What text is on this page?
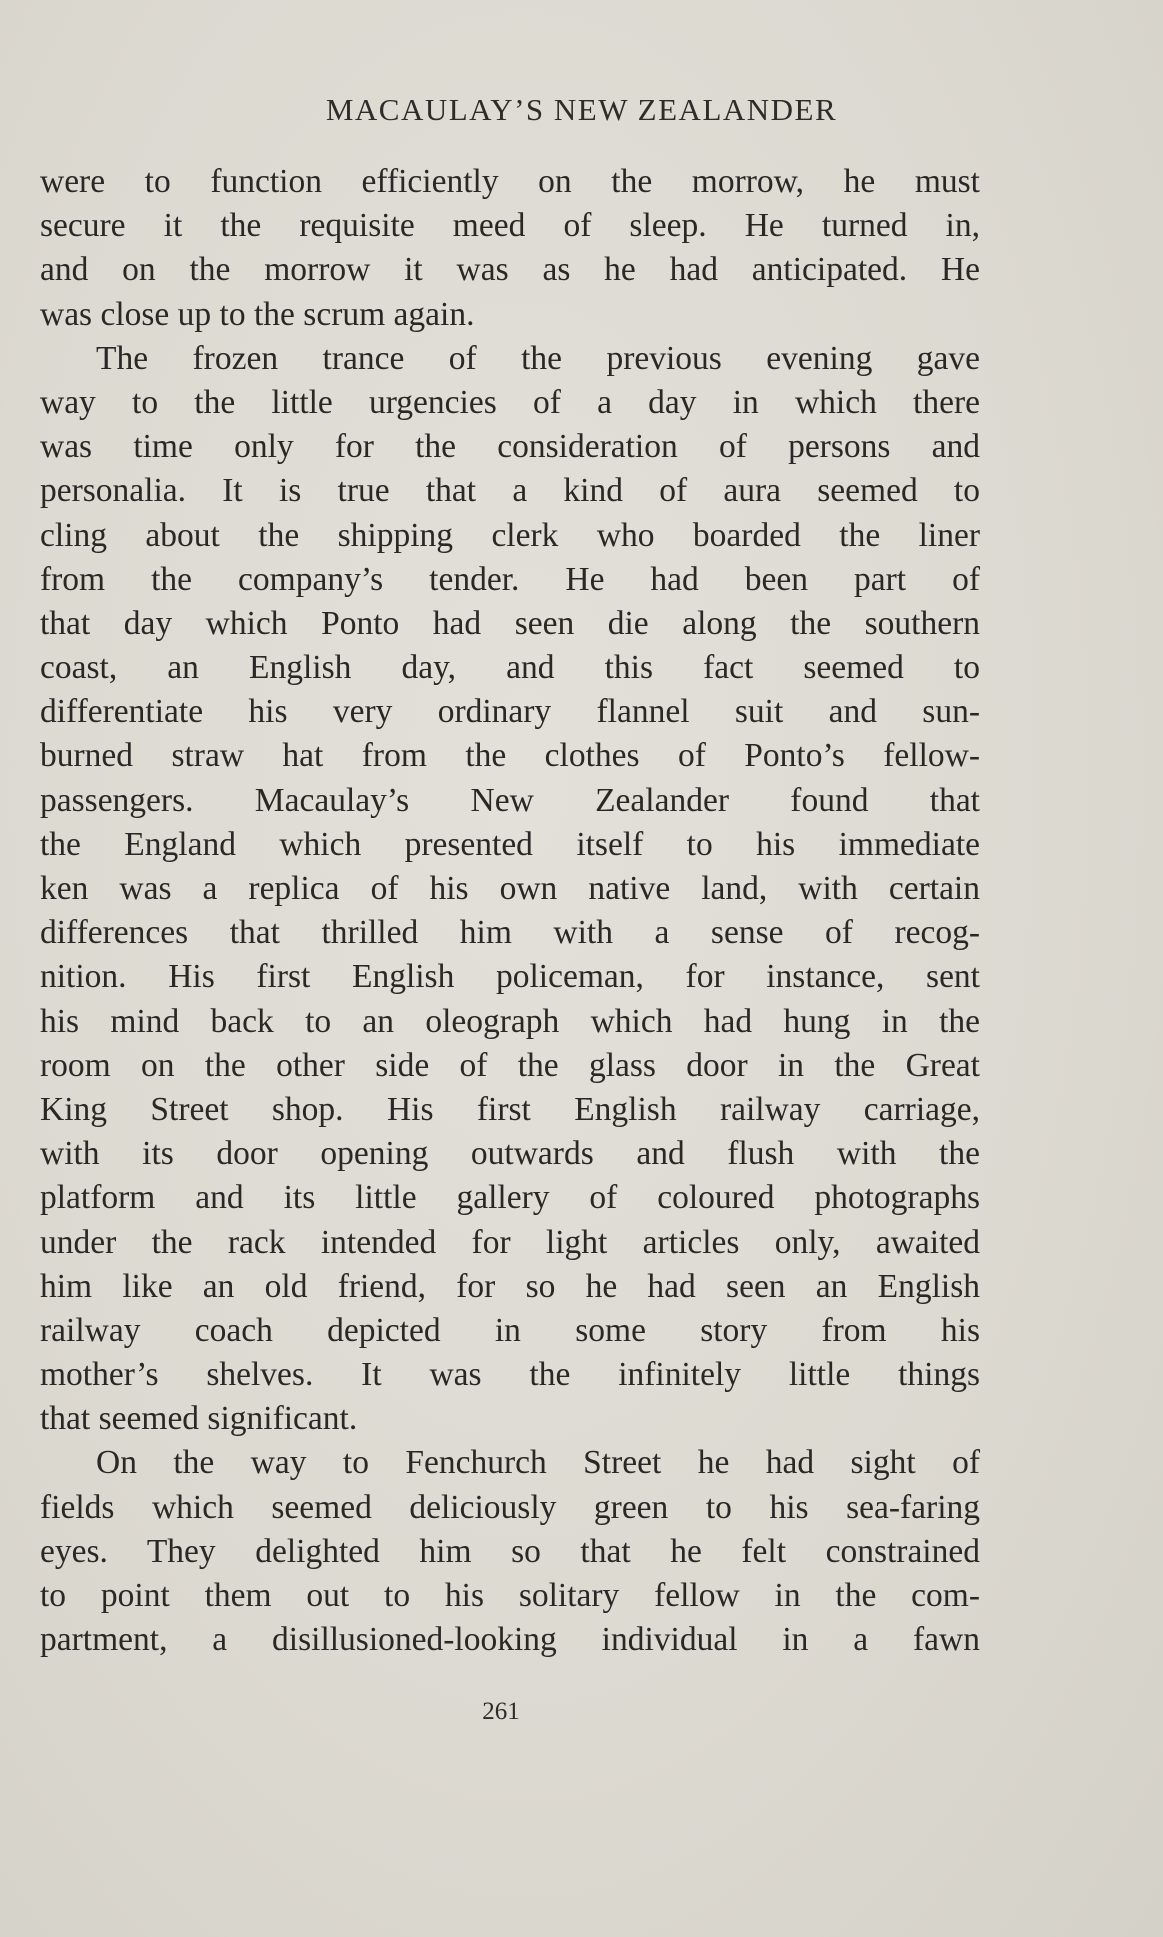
MACAULAY’S NEW ZEALANDER
were to function efficiently on the morrow, he must
secure it the requisite meed of sleep. He turned in,
and on the morrow it was as he had anticipated. He
was close up to the scrum again.
The frozen trance of the previous evening gave
way to the little urgencies of a day in which there
was time only for the consideration of persons and
personalia. It is true that a kind of aura seemed to
cling about the shipping clerk who boarded the liner
from the company’s tender. He had been part of
that day which Ponto had seen die along the southern
coast, an English day, and this fact seemed to
differentiate his very ordinary flannel suit and sun-
burned straw hat from the clothes of Ponto’s fellow-
passengers. Macaulay’s New Zealander found that
the England which presented itself to his immediate
ken was a replica of his own native land, with certain
differences that thrilled him with a sense of recog-
nition. His first English policeman, for instance, sent
his mind back to an oleograph which had hung in the
room on the other side of the glass door in the Great
King Street shop. His first English railway carriage,
with its door opening outwards and flush with the
platform and its little gallery of coloured photographs
under the rack intended for light articles only, awaited
him like an old friend, for so he had seen an English
railway coach depicted in some story from his
mother’s shelves. It was the infinitely little things
that seemed significant.
On the way to Fenchurch Street he had sight of
fields which seemed deliciously green to his sea-faring
eyes. They delighted him so that he felt constrained
to point them out to his solitary fellow in the com-
partment, a disillusioned-looking individual in a fawn
261
